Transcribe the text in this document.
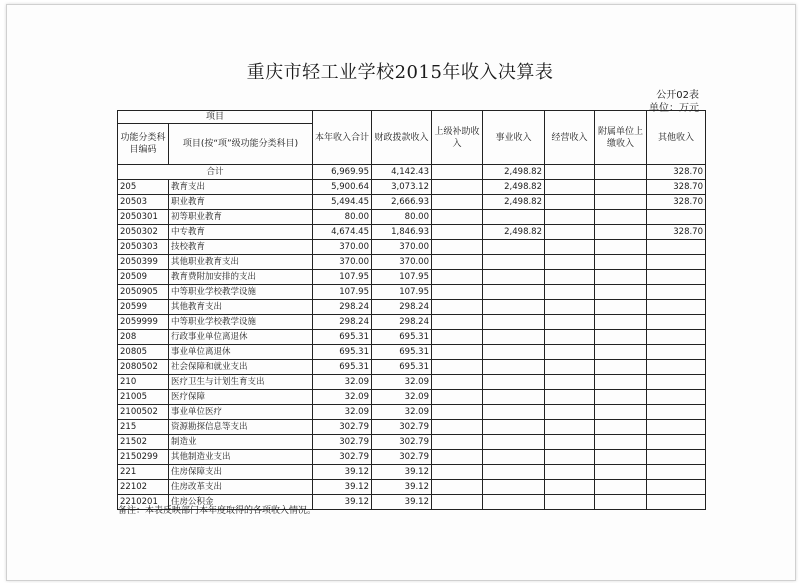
重庆市轻工业学校2015年收入决算表
公开02表
单位：万元
项目		本年收入合计	财政拨款收入	上级补助收入	事业收入	经营收入	附属单位上缴收入	其他收入
功能分类科目编码	项目(按“项”级功能分类科目)							
合计		6,969.95	4,142.43		2,498.82			328.70
205	教育支出	5,900.64	3,073.12		2,498.82			328.70
20503	职业教育	5,494.45	2,666.93		2,498.82			328.70
2050301	初等职业教育	80.00	80.00					
2050302	中专教育	4,674.45	1,846.93		2,498.82			328.70
2050303	技校教育	370.00	370.00					
2050399	其他职业教育支出	370.00	370.00					
20509	教育费附加安排的支出	107.95	107.95					
2050905	中等职业学校教学设施	107.95	107.95					
20599	其他教育支出	298.24	298.24					
2059999	中等职业学校教学设施	298.24	298.24					
208	行政事业单位离退休	695.31	695.31					
20805	事业单位离退休	695.31	695.31					
2080502	社会保障和就业支出	695.31	695.31					
210	医疗卫生与计划生育支出	32.09	32.09					
21005	医疗保障	32.09	32.09					
2100502	事业单位医疗	32.09	32.09					
215	资源勘探信息等支出	302.79	302.79					
21502	制造业	302.79	302.79					
2150299	其他制造业支出	302.79	302.79					
221	住房保障支出	39.12	39.12					
22102	住房改革支出	39.12	39.12					
2210201	住房公积金	39.12	39.12					
备注：本表反映部门本年度取得的各项收入情况。
